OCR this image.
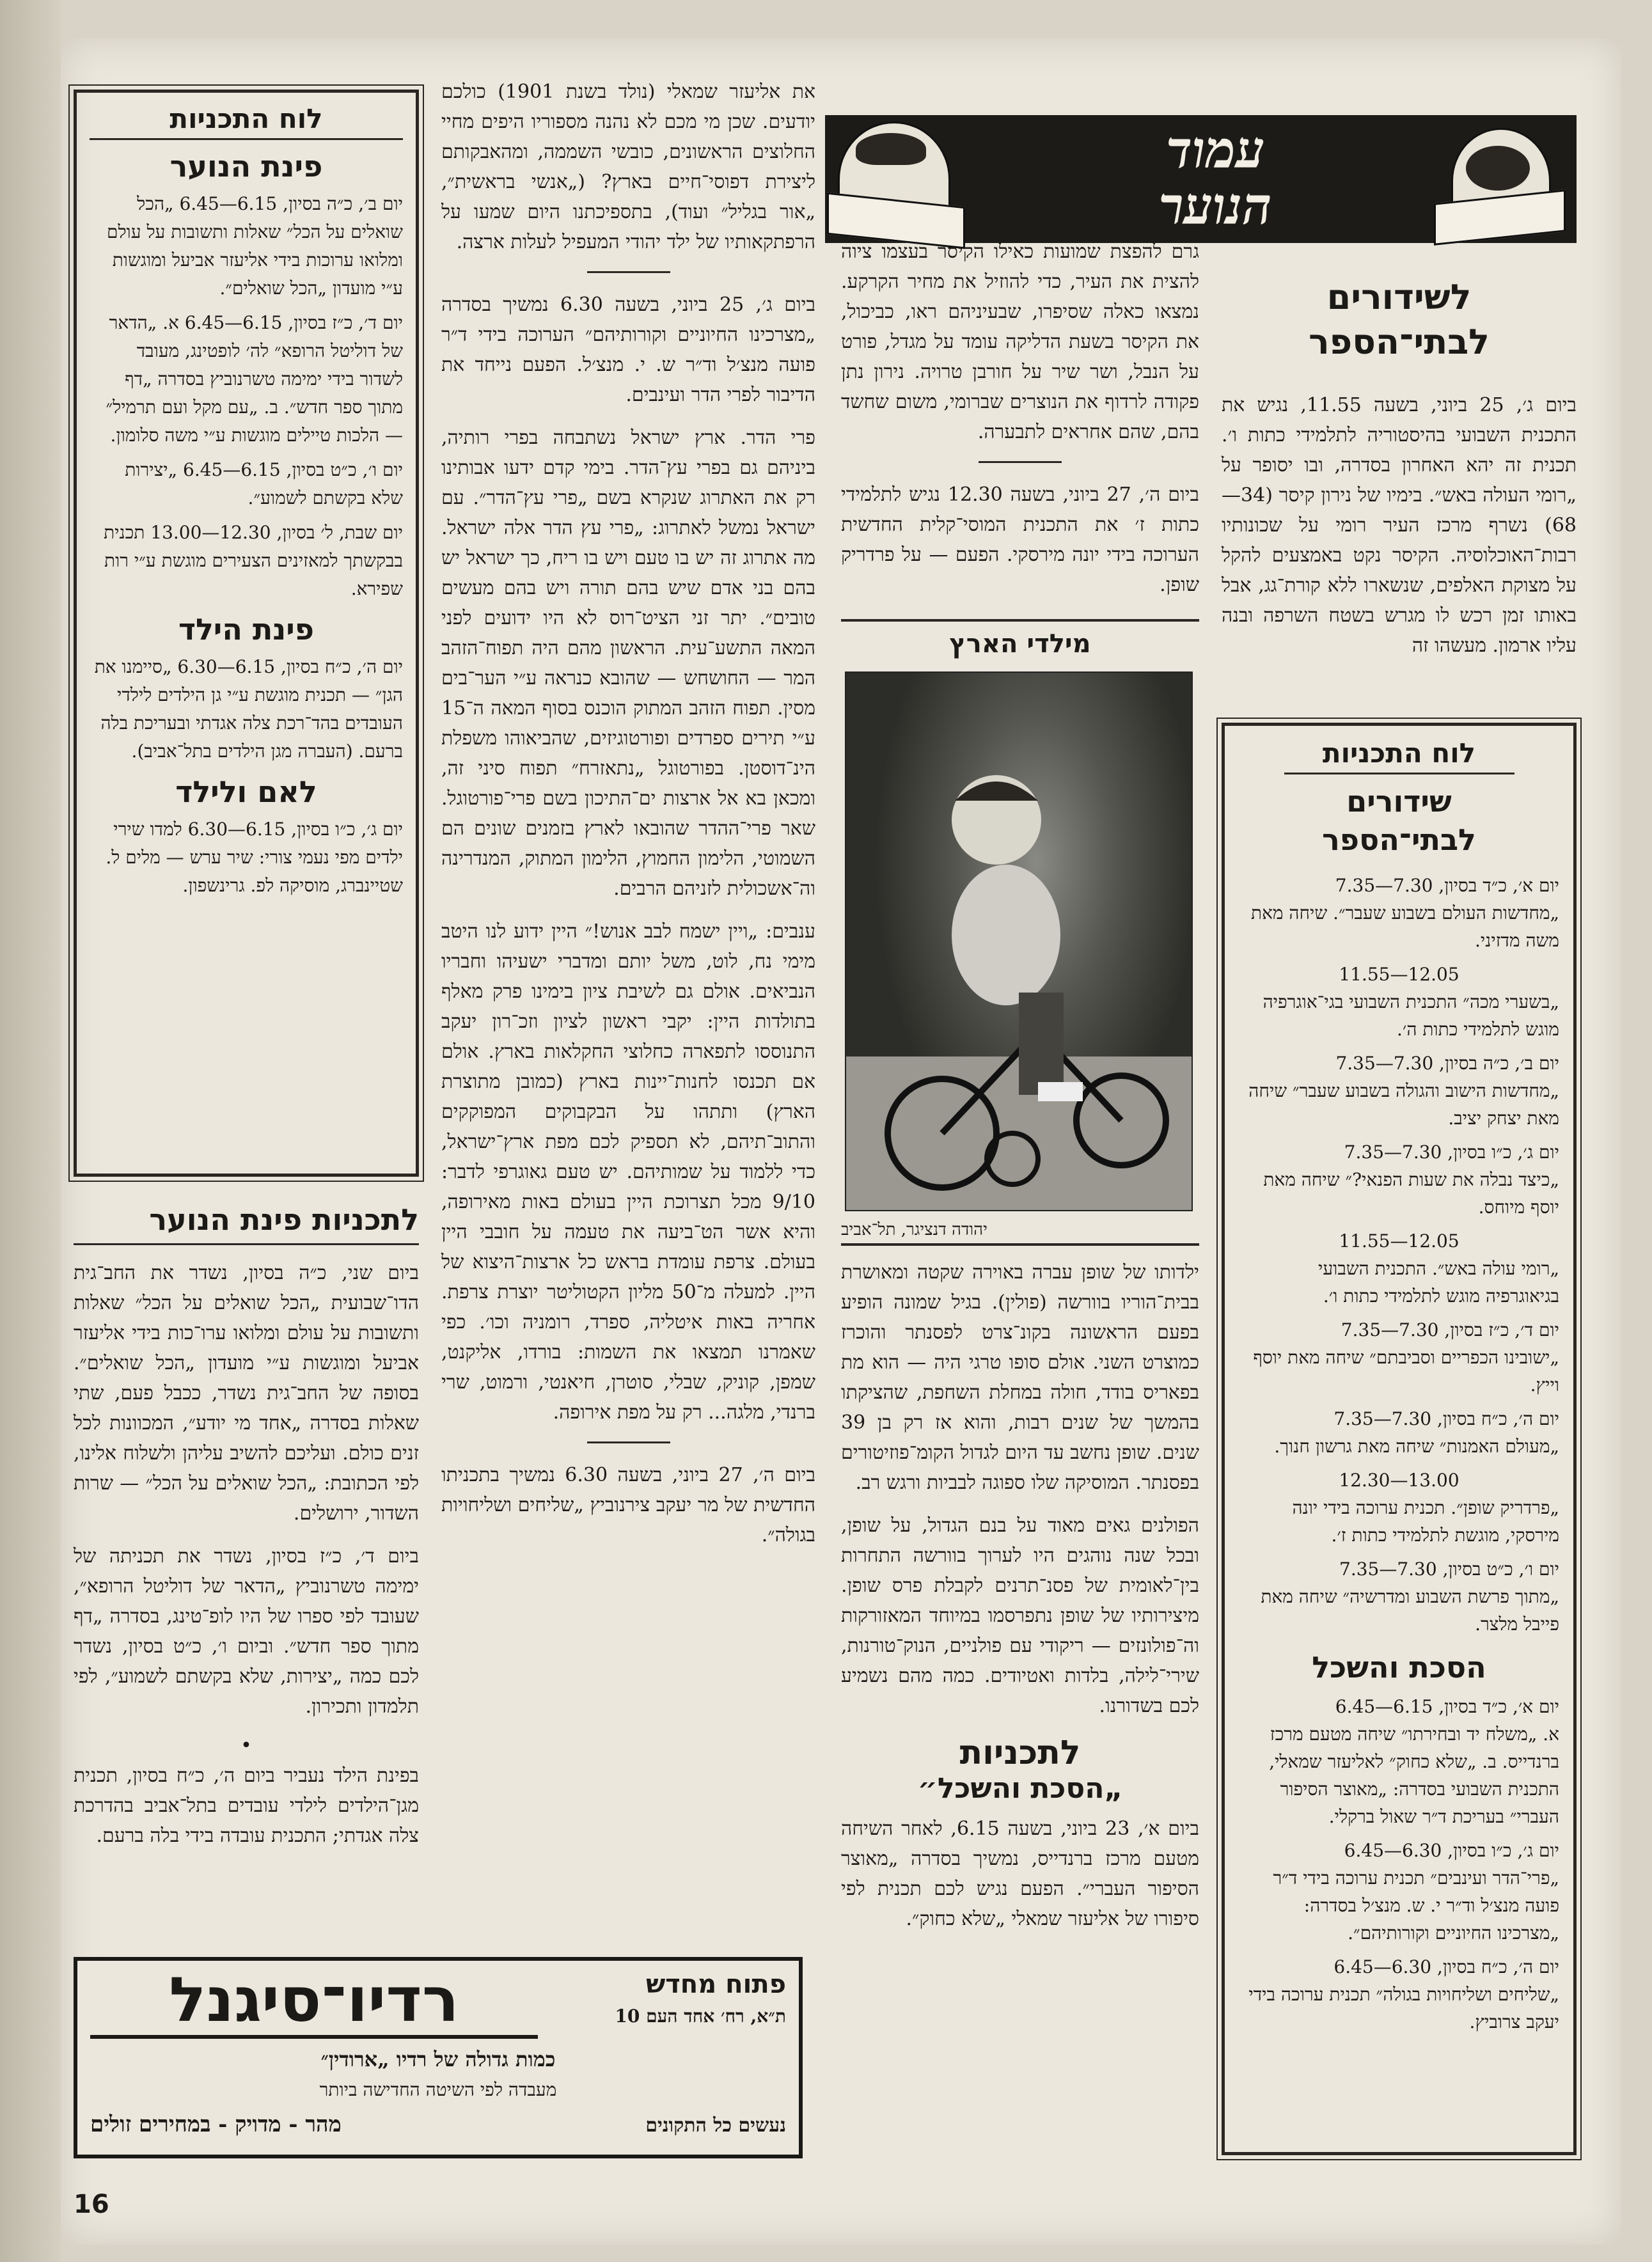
עמוד
הנוער
לשידורים
לבתי־הספר

ביום ג׳, 25 ביוני, בשעה 11.55, נגיש את התכנית השבועי בהיסטוריה לתלמידי כתות ו׳. תכנית זה יהא האחרון בסדרה, ובו יסופר על „רומי העולה באש״. בימיו של נירון קיסר (34—68) נשרף מרכז העיר רומי על שכונותיו רבות־האוכלוסיה. הקיסר נקט באמצעים להקל על מצוקת האלפים, שנשארו ללא קורת־גג, אבל באותו זמן רכש לו מגרש בשטח השרפה ובנה עליו ארמון. מעשהו זה

לוח התכניות
שידורים
לבתי־הספר

יום א׳, כ״ד בסיון, 7.30—7.35

„מחדשות העולם בשבוע שעבר״. שיחה מאת משה מדזיני.

11.55—12.05

„בשערי מכה״ התכנית השבועי בגי־אוגרפיה מוגש לתלמידי כתות ה׳.

יום ב׳, כ״ה בסיון, 7.30—7.35

„מחדשות הישוב והגולה בשבוע שעבר״ שיחה מאת יצחק יציב.

יום ג׳, כ״ו בסיון, 7.30—7.35

„כיצד נבלה את שעות הפנאי?״ שיחה מאת יוסף מיוחס.

11.55—12.05

„רומי עולה באש״. התכנית השבועי בגיאוגרפיה מוגש לתלמידי כתות ו׳.

יום ד׳, כ״ז בסיון, 7.30—7.35

„ישובינו הכפריים וסביבתם״ שיחה מאת יוסף וייץ.

יום ה׳, כ״ח בסיון, 7.30—7.35

„מעולם האמנות״ שיחה מאת גרשון חנוך.

12.30—13.00

„פרדריק שופן״. תכנית ערוכה בידי יונה מירסקי, מוגשת לתלמידי כתות ז׳.

יום ו׳, כ״ט בסיון, 7.30—7.35

„מתוך פרשת השבוע ומדרשיה״ שיחה מאת פייבל מלצר.

הסכת והשכל

יום א׳, כ״ד בסיון, 6.15—6.45

א. „משלח יד ובחירתו״ שיחה מטעם מרכז ברנדייס. ב. „שלא כחוק״ לאליעזר שמאלי, התכנית השבועי בסדרה: „מאוצר הסיפור העברי״ בעריכת ד״ר שאול ברקלי.

יום ג׳, כ״ו בסיון, 6.30—6.45

„פרי־הדר ועינבים״ תכנית ערוכה בידי ד״ר פועה מנצ׳ל וד״ר י. ש. מנצ׳ל בסדרה: „מצרכינו החיוניים וקורותיהם״.

יום ה׳, כ״ח בסיון, 6.30—6.45

„שליחים ושליחויות בגולה״ תכנית ערוכה בידי יעקב צרוביץ.

גרם להפצת שמועות כאילו הקיסר בעצמו ציוה להצית את העיר, כדי להוזיל את מחיר הקרקע. נמצאו כאלה שסיפרו, שבעיניהם ראו, כביכול, את הקיסר בשעת הדליקה עומד על מגדל, פורט על הנבל, ושר שיר על חורבן טרויה. נירון נתן פקודה לרדוף את הנוצרים שברומי, משום שחשד בהם, שהם אחראים לתבערה.

ביום ה׳, 27 ביוני, בשעה 12.30 נגיש לתלמידי כתות ז׳ את התכנית המוסי־קלית החדשית הערוכה בידי יונה מירסקי. הפעם — על פרדריק שופן.

מילדי הארץ
יהודה דנציגר, תל־אביב

ילדותו של שופן עברה באוירה שקטה ומאושרת בבית־הוריו בוורשה (פולין). בגיל שמונה הופיע בפעם הראשונה בקונ־צרט לפסנתר והוכרז כמוצרט השני. אולם סופו טרגי היה — הוא מת בפאריס בודד, חולה במחלת השחפת, שהציקתו בהמשך של שנים רבות, והוא אז רק בן 39 שנים. שופן נחשב עד היום לגדול הקומ־פוזיטורים בפסנתר. המוסיקה שלו ספוגה לבביות ורגש רב.

הפולנים גאים מאוד על בנם הגדול, על שופן, ובכל שנה נוהגים היו לערוך בוורשה התחרות בין־לאומית של פסנ־תרנים לקבלת פרס שופן. מיצירותיו של שופן נתפרסמו במיוחד המאזורקות וה־פולונזים — ריקודי עם פולניים, הנוק־טורנות, שירי־לילה, בלדות ואטיודים. כמה מהם נשמיע לכם בשדורנו.

לתכניות
„הסכת והשכל״

ביום א׳, 23 ביוני, בשעה 6.15, לאחר השיחה מטעם מרכז ברנדייס, נמשיך בסדרה „מאוצר הסיפור העברי״. הפעם נגיש לכם תכנית לפי סיפורו של אליעזר שמאלי „שלא כחוק״.

את אליעזר שמאלי (נולד בשנת 1901) כולכם יודעים. שכן מי מכם לא נהנה מספוריו היפים מחיי החלוצים הראשונים, כובשי השממה, ומהאבקותם ליצירת דפוסי־חיים בארץ? („אנשי בראשית״, „אור בגליל״ ועוד), בתספיכתנו היום שמעו על הרפתקאותיו של ילד יהודי המעפיל לעלות ארצה.

ביום ג׳, 25 ביוני, בשעה 6.30 נמשיך בסדרה „מצרכינו החיוניים וקורותיהם״ הערוכה בידי ד״ר פועה מנצ׳ל וד״ר ש. י. מנצ׳ל. הפעם נייחד את הדיבור לפרי הדר ועינבים.

פרי הדר. ארץ ישראל נשתבחה בפרי רותיה, ביניהם גם בפרי עץ־הדר. בימי קדם ידעו אבותינו רק את האתרוג שנקרא בשם „פרי עץ־הדר״. עם ישראל נמשל לאתרוג: „פרי עץ הדר אלה ישראל. מה אתרוג זה יש בו טעם ויש בו ריח, כך ישראל יש בהם בני אדם שיש בהם תורה ויש בהם מעשים טובים״. יתר זני הציט־רוס לא היו ידועים לפני המאה התשע־עית. הראשון מהם היה תפוח־הזהב המר — החושחש — שהובא כנראה ע״י הער־בים מסין. תפוח הזהב המתוק הוכנס בסוף המאה ה־15 ע״י תירים ספרדים ופורטוגיזים, שהביאוהו משפלת הינ־דוסטן. בפורטוגל „נתאזרח״ תפוח סיני זה, ומכאן בא אל ארצות ים־התיכון בשם פרי־פורטוגל. שאר פרי־ההדר שהובאו לארץ בזמנים שונים הם השמוטי, הלימון החמוץ, הלימון המתוק, המנדרינה וה־אשכולית לזניהם הרבים.

ענבים: „ויין ישמח לבב אנוש!״ היין ידוע לנו היטב מימי נח, לוט, משל יותם ומדברי ישעיהו וחבריו הנביאים. אולם גם לשיבת ציון בימינו פרק מאלף בתולדות היין: יקבי ראשון לציון וזכ־רון יעקב התנוססו לתפארה כחלוצי החקלאות בארץ. אולם אם תכנסו לחנות־יינות בארץ (כמובן מתוצרת הארץ) ותתהו על הבקבוקים המפוקקים והתוב־תיהם, לא תספיק לכם מפת ארץ־ישראל, כדי ללמוד על שמותיהם. יש טעם גאוגרפי לדבר: 9/10 מכל תצרוכת היין בעולם באות מאירופה, והיא אשר הט־ביעה את טעמה על חובבי היין בעולם. צרפת עומדת בראש כל ארצות־היצוא של היין. למעלה מ־50 מליון הקטוליטר יוצרת צרפת. אחריה באות איטליה, ספרד, רומניה וכו׳. כפי שאמרנו תמצאו את השמות: בורדו, אליקנט, שמפן, קוניק, שבלי, סוטרן, חיאנטי, ורמוט, שרי ברנדי, מלגה... רק על מפת אירופה.

ביום ה׳, 27 ביוני, בשעה 6.30 נמשיך בתכניתו החדשית של מר יעקב צירנוביץ „שליחים ושליחויות בגולה״.

לוח התכניות
פינת הנוער

יום ב׳, כ״ה בסיון, 6.15—6.45 „הכל שואלים על הכל״ שאלות ותשובות על עולם ומלואו ערוכות בידי אליעזר אביעל ומוגשות ע״י מועדון „הכל שואלים״.

יום ד׳, כ״ז בסיון, 6.15—6.45 א. „הדאר של דוליטל הרופא״ לה׳ לופטינג, מעובד לשדור בידי ימימה טשרנוביץ בסדרה „דף מתוך ספר חדש״. ב. „עם מקל ועם תרמיל״ — הלכות טיילים מוגשות ע״י משה סלומון.

יום ו׳, כ״ט בסיון, 6.15—6.45 „יצירות שלא בקשתם לשמוע״.

יום שבת, ל׳ בסיון, 12.30—13.00 תכנית בבקשתך למאזינים הצעירים מוגשת ע״י רות שפירא.

פינת הילד

יום ה׳, כ״ח בסיון, 6.15—6.30 „סיימנו את הגן״ — תכנית מוגשת ע״י גן הילדים לילדי העובדים בהד־רכת צלה אגדתי ובעריכת בלה ברעם. (העברה מגן הילדים בתל־אביב).

לאם ולילד

יום ג׳, כ״ו בסיון, 6.15—6.30 למדו שירי ילדים מפי נעמי צורי: שיר ערש — מלים ל. שטיינברג, מוסיקה לפ. גרינשפון.

לתכניות פינת הנוער

ביום שני, כ״ה בסיון, נשדר את החב־גית הדו־שבועית „הכל שואלים על הכל״ שאלות ותשובות על עולם ומלואו ערו־כות בידי אליעזר אביעל ומוגשות ע״י מועדון „הכל שואלים״. בסופה של החב־גית נשדר, ככבל פעם, שתי שאלות בסדרה „אחד מי יודע״, המכוונות לכל זנים כולם. ועליכם להשיב עליהן ולשלוח אלינו, לפי הכתובת: „הכל שואלים על הכל״ — שרות השדור, ירושלים.

ביום ד׳, כ״ז בסיון, נשדר את תכניתה של ימימה טשרנוביץ „הדאר של דוליטל הרופא״, שעובד לפי ספרו של היו לופ־טינג, בסדרה „דף מתוך ספר חדש״. וביום ו׳, כ״ט בסיון, נשדר לכם כמה „יצירות, שלא בקשתם לשמוע״, לפי תלמדון ותכירון.

•

בפינת הילד נעביר ביום ה׳, כ״ח בסיון, תכנית מגן־הילדים לילדי עובדים בתל־אביב בהדרכת צלה אגדתי; התכנית עובדה בידי בלה ברעם.

פתוח מחדש
ת״א, רח׳ אחד העם 10
רדיו־סיגנל
כמות גדולה של רדיו „ארודין״
מעבדה לפי השיטה החדישה ביותר
נעשים כל התקונים
מהר - מדויק - במחירים זולים
16
